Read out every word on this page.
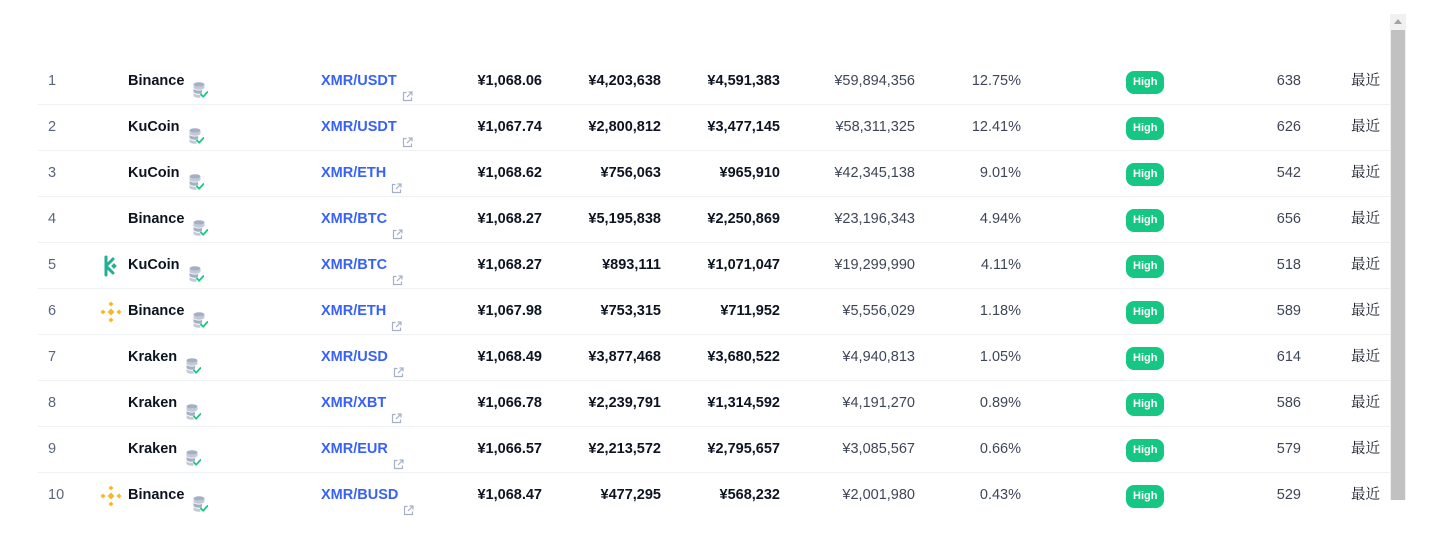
1	Binance	XMR/USDT	¥1,068.06	¥4,203,638	¥4,591,383	¥59,894,356	12.75%	High	638	最近
2	KuCoin	XMR/USDT	¥1,067.74	¥2,800,812	¥3,477,145	¥58,311,325	12.41%	High	626	最近
3	KuCoin	XMR/ETH	¥1,068.62	¥756,063	¥965,910	¥42,345,138	9.01%	High	542	最近
4	Binance	XMR/BTC	¥1,068.27	¥5,195,838	¥2,250,869	¥23,196,343	4.94%	High	656	最近
5	KuCoin	XMR/BTC	¥1,068.27	¥893,111	¥1,071,047	¥19,299,990	4.11%	High	518	最近
6	Binance	XMR/ETH	¥1,067.98	¥753,315	¥711,952	¥5,556,029	1.18%	High	589	最近
7	Kraken	XMR/USD	¥1,068.49	¥3,877,468	¥3,680,522	¥4,940,813	1.05%	High	614	最近
8	Kraken	XMR/XBT	¥1,066.78	¥2,239,791	¥1,314,592	¥4,191,270	0.89%	High	586	最近
9	Kraken	XMR/EUR	¥1,066.57	¥2,213,572	¥2,795,657	¥3,085,567	0.66%	High	579	最近
10	Binance	XMR/BUSD	¥1,068.47	¥477,295	¥568,232	¥2,001,980	0.43%	High	529	最近
